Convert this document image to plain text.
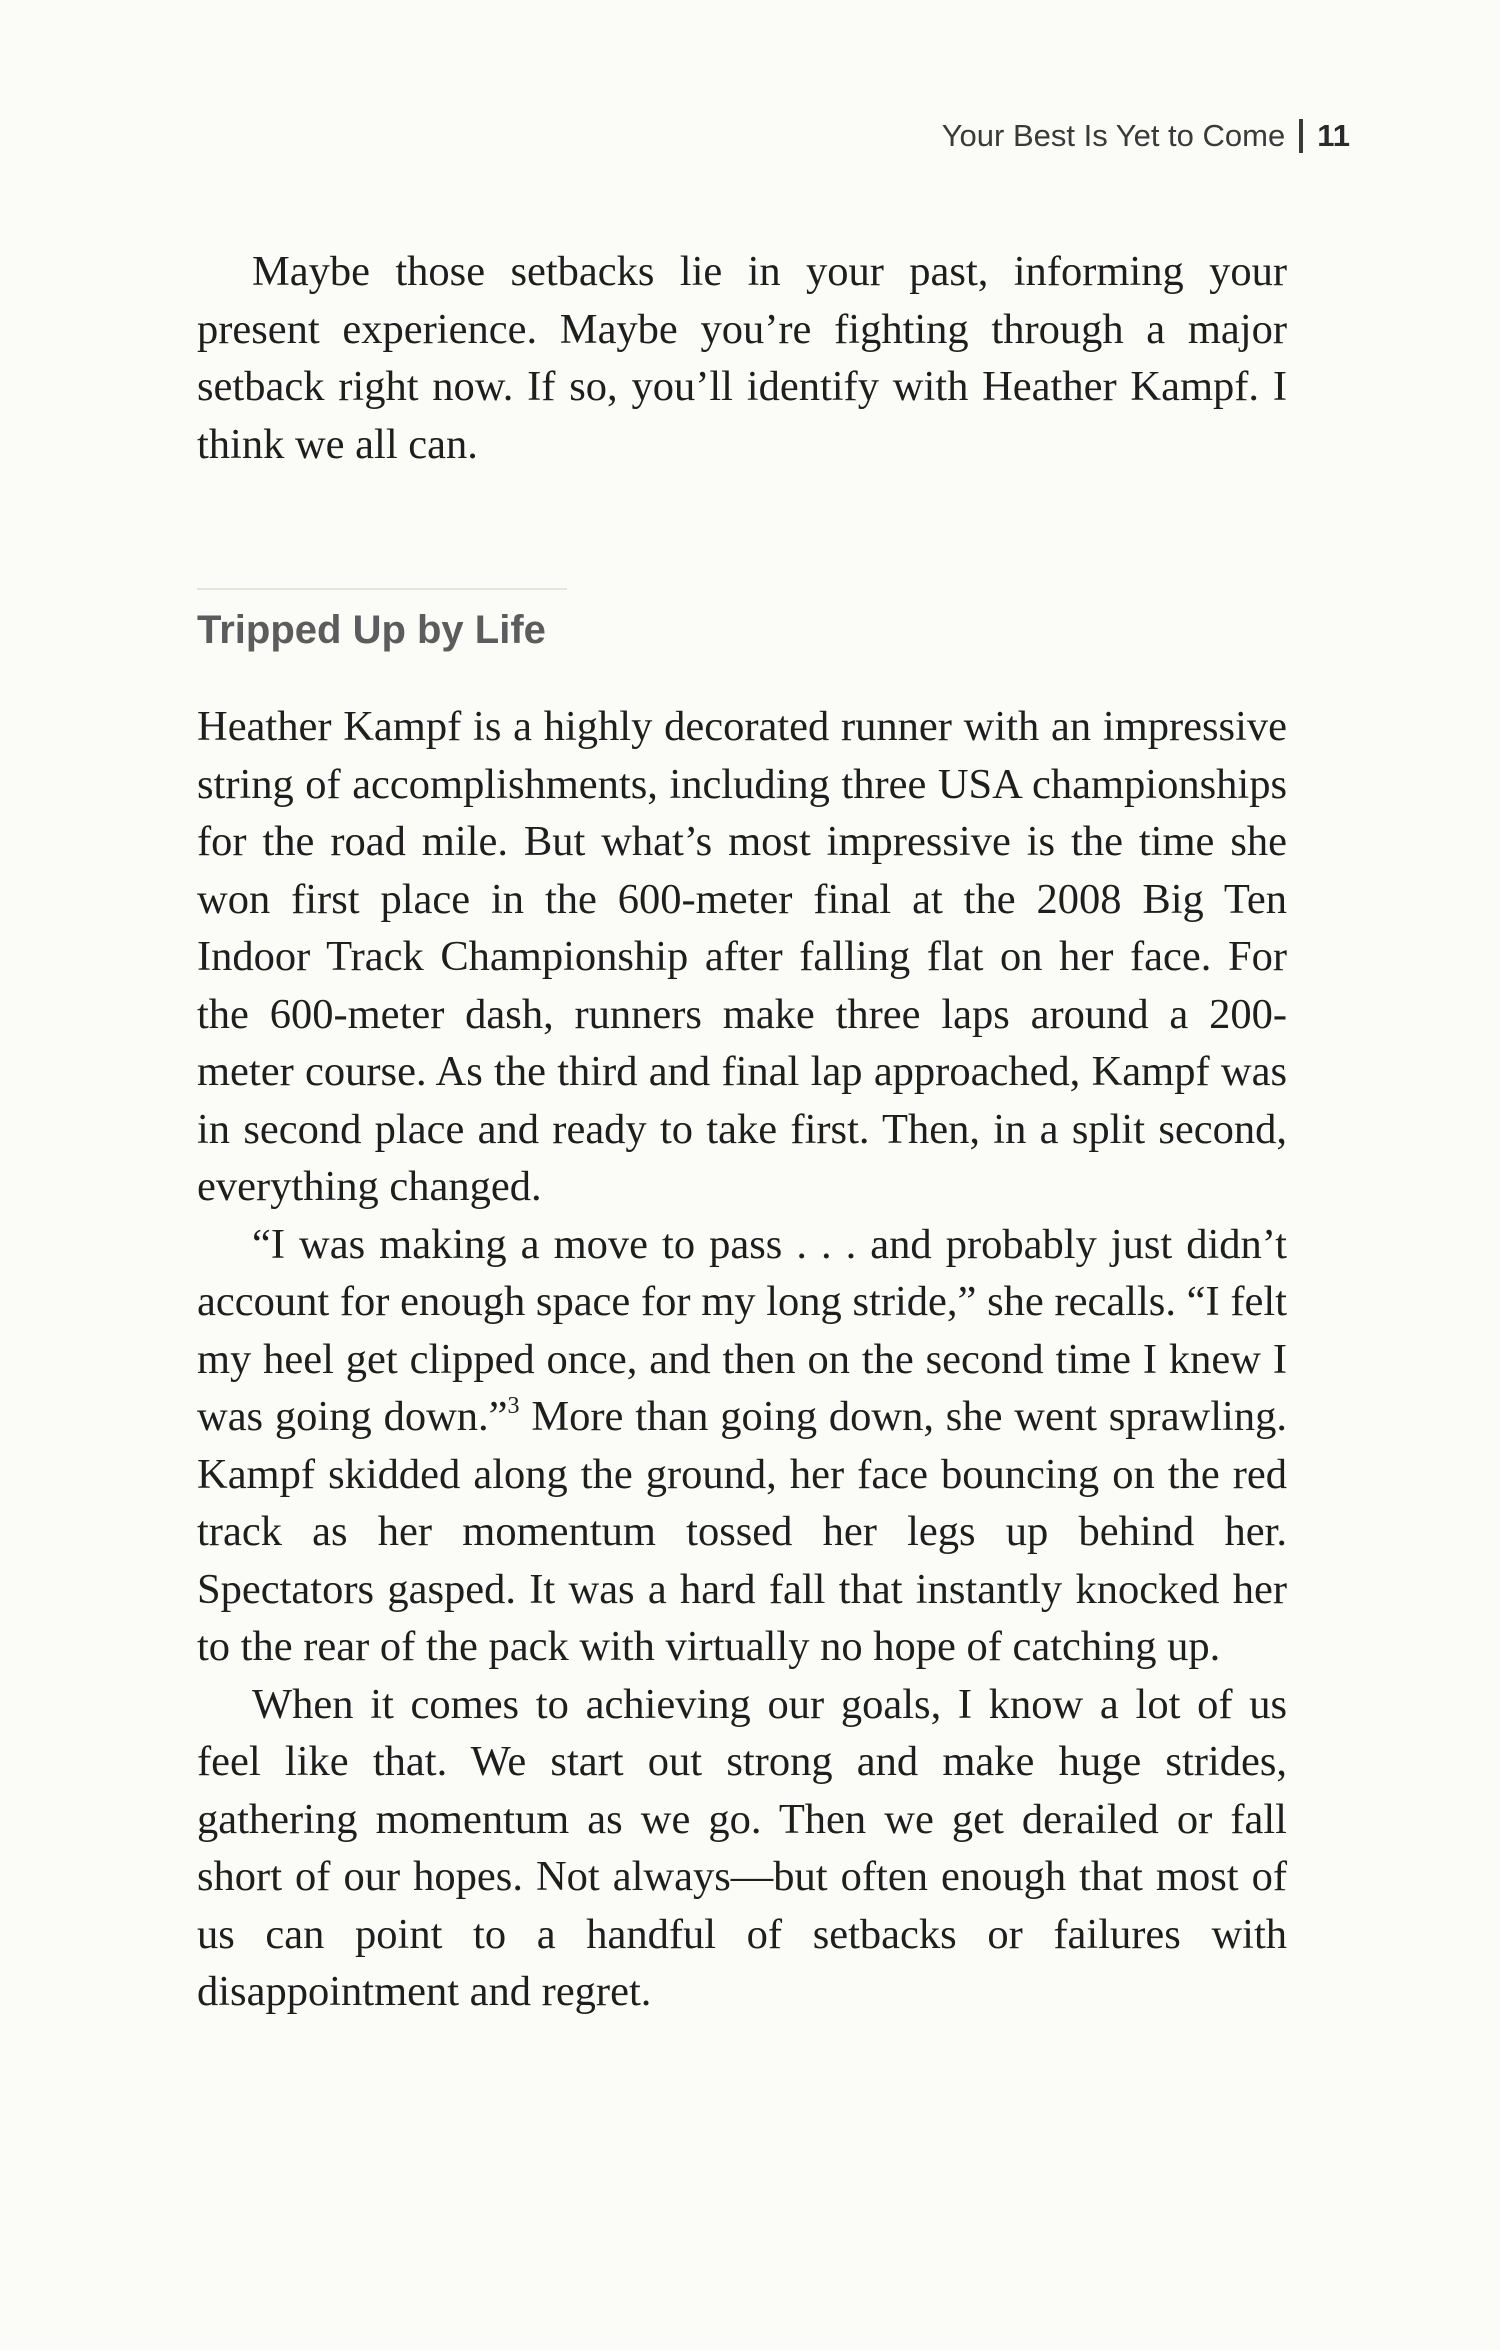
Your Best Is Yet to Come 11

Maybe those setbacks lie in your past, informing your present experience. Maybe you’re fighting through a major setback right now. If so, you’ll identify with Heather Kampf. I think we all can.

Tripped Up by Life

Heather Kampf is a highly decorated runner with an impressive string of accomplishments, including three USA championships for the road mile. But what’s most impressive is the time she won first place in the 600-meter final at the 2008 Big Ten Indoor Track Championship after falling flat on her face. For the 600-meter dash, runners make three laps around a 200-meter course. As the third and final lap approached, Kampf was in second place and ready to take first. Then, in a split second, everything changed.

“I was making a move to pass . . . and probably just didn’t account for enough space for my long stride,” she recalls. “I felt my heel get clipped once, and then on the second time I knew I was going down.”$^3$ More than going down, she went sprawling. Kampf skidded along the ground, her face bouncing on the red track as her momentum tossed her legs up behind her. Spectators gasped. It was a hard fall that instantly knocked her to the rear of the pack with virtually no hope of catching up.

When it comes to achieving our goals, I know a lot of us feel like that. We start out strong and make huge strides, gathering momentum as we go. Then we get derailed or fall short of our hopes. Not always—but often enough that most of us can point to a handful of setbacks or failures with disappointment and regret.
